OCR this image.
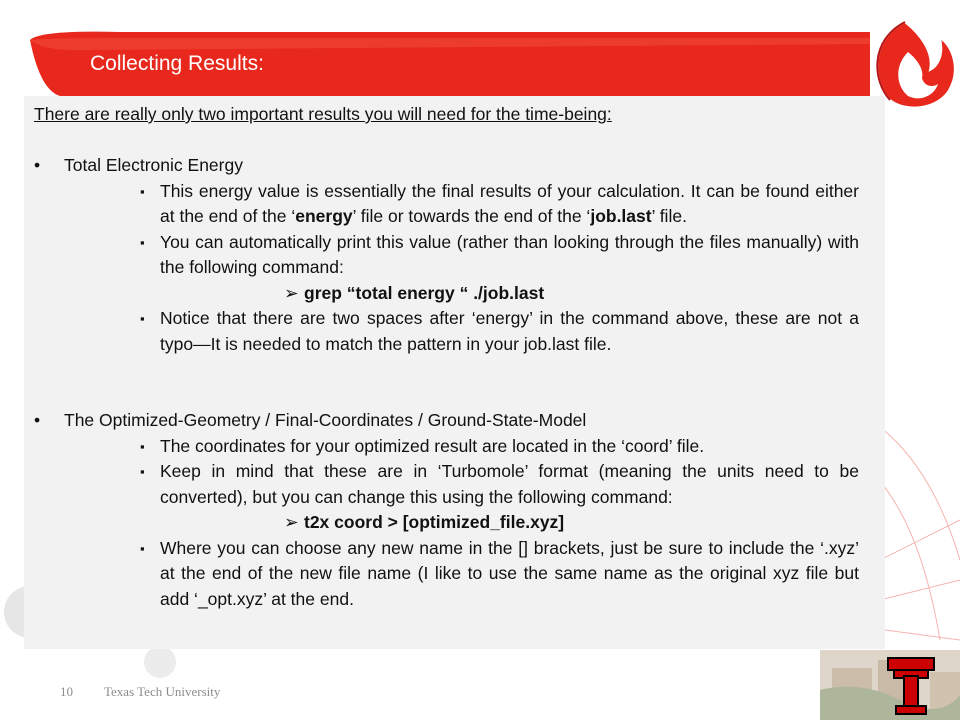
Collecting Results:

There are really only two important results you will need for the time-being:

• Total Electronic Energy

▪ This energy value is essentially the final results of your calculation. It can be found either at the end of the ‘energy’ file or towards the end of the ‘job.last’ file.

▪ You can automatically print this value (rather than looking through the files manually) with the following command:

➢ grep “total energy “ ./job.last

▪ Notice that there are two spaces after ‘energy’ in the command above, these are not a typo—It is needed to match the pattern in your job.last file.

• The Optimized-Geometry / Final-Coordinates / Ground-State-Model

▪ The coordinates for your optimized result are located in the ‘coord’ file.

▪ Keep in mind that these are in ‘Turbomole’ format (meaning the units need to be converted), but you can change this using the following command:

➢ t2x coord > [optimized_file.xyz]

▪ Where you can choose any new name in the [] brackets, just be sure to include the ‘.xyz’ at the end of the new file name (I like to use the same name as the original xyz file but add ‘_opt.xyz’ at the end.

10 Texas Tech University
